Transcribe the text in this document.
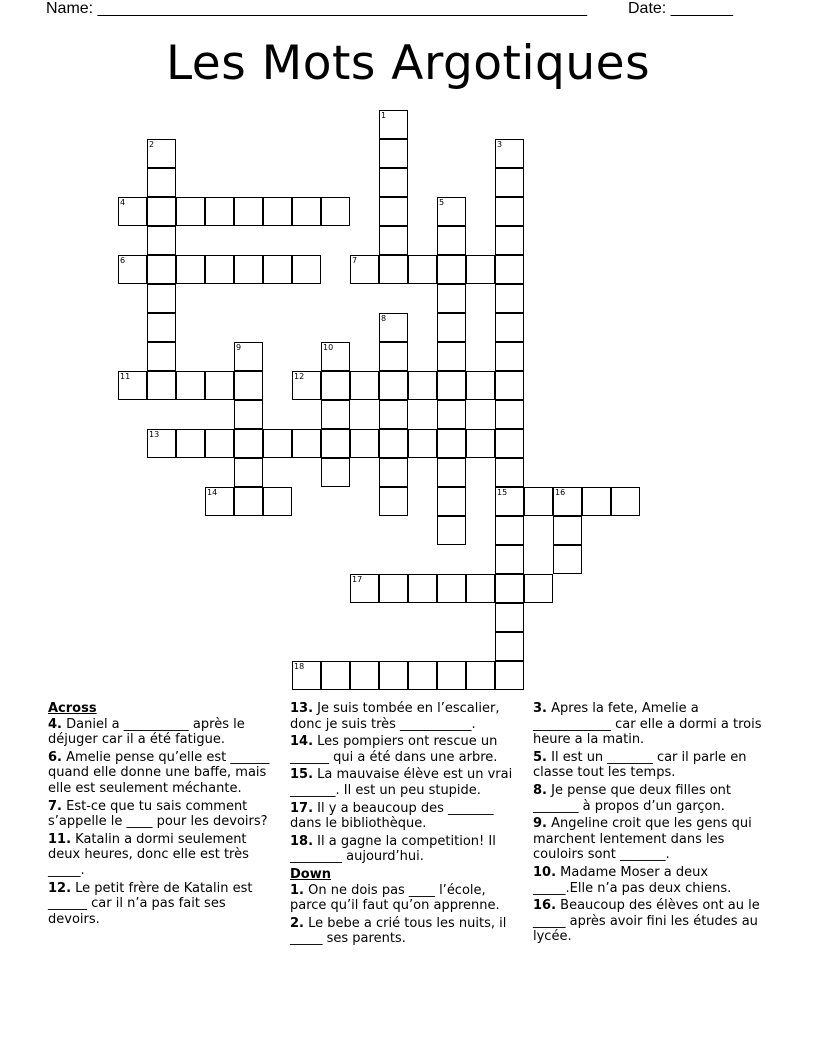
Name: _______________________________________________________	Date: _______
Les Mots Argotiques
1
2	3
4	5
6	7
8
9	10
11	12
13
14	15	16
17
18
Across
4. Daniel a __________ après le déjuger car il a été fatigue.
6. Amelie pense qu’elle est ______ quand elle donne une baffe, mais elle est seulement méchante.
7. Est-ce que tu sais comment s’appelle le ____ pour les devoirs?
11. Katalin a dormi seulement deux heures, donc elle est très _____.
12. Le petit frère de Katalin est ______ car il n’a pas fait ses devoirs.
13. Je suis tombée en l’escalier, donc je suis très ___________.
14. Les pompiers ont rescue un ______ qui a été dans une arbre.
15. La mauvaise élève est un vrai _______. Il est un peu stupide.
17. Il y a beaucoup des _______ dans le bibliothèque.
18. Il a gagne la competition! Il ________ aujourd’hui.
Down
1. On ne dois pas ____ l’école, parce qu’il faut qu’on apprenne.
2. Le bebe a crié tous les nuits, il _____ ses parents.
3. Apres la fete, Amelie a ____________ car elle a dormi a trois heure a la matin.
5. Il est un _______ car il parle en classe tout les temps.
8. Je pense que deux filles ont _______ à propos d’un garçon.
9. Angeline croit que les gens qui marchent lentement dans les couloirs sont _______.
10. Madame Moser a deux _____.Elle n’a pas deux chiens.
16. Beaucoup des élèves ont au le _____ après avoir fini les études au lycée.
